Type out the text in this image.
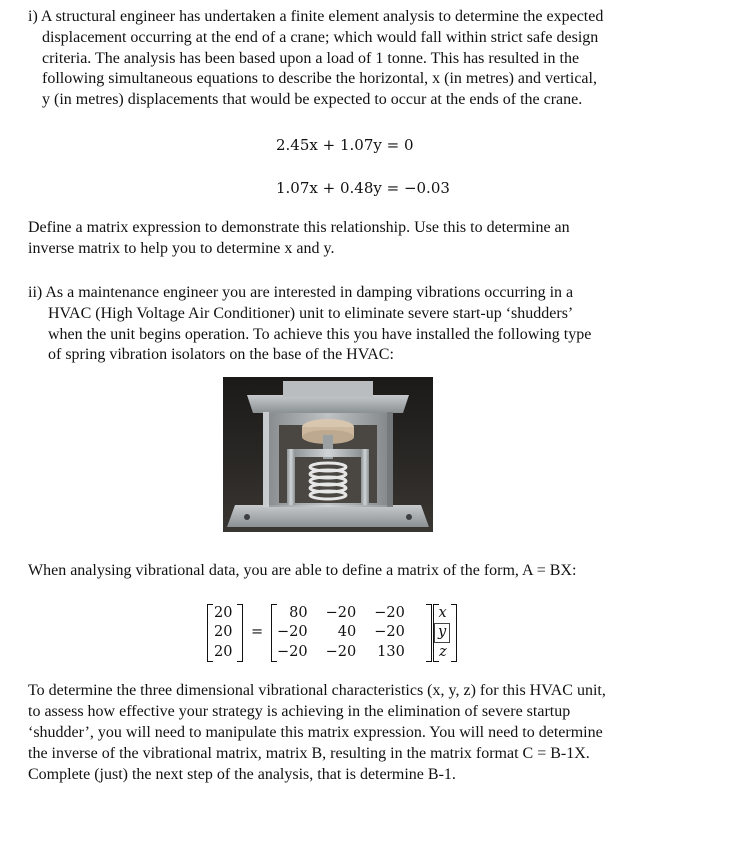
i) A structural engineer has undertaken a finite element analysis to determine the expected

displacement occurring at the end of a crane; which would fall within strict safe design

criteria. The analysis has been based upon a load of 1 tonne. This has resulted in the

following simultaneous equations to describe the horizontal, x (in metres) and vertical,

y (in metres) displacements that would be expected to occur at the ends of the crane.

2.45x + 1.07y = 0
1.07x + 0.48y = −0.03
Define a matrix expression to demonstrate this relationship. Use this to determine an
inverse matrix to help you to determine x and y.

ii) As a maintenance engineer you are interested in damping vibrations occurring in a

HVAC (High Voltage Air Conditioner) unit to eliminate severe start-up ‘shudders’

when the unit begins operation. To achieve this you have installed the following type

of spring vibration isolators on the base of the HVAC:

When analysing vibrational data, you are able to define a matrix of the form, A = BX:
20
20
20
=
80	−20	−20
−20	40	−20
−20	−20	130
x
y
z
To determine the three dimensional vibrational characteristics (x, y, z) for this HVAC unit,
to assess how effective your strategy is achieving in the elimination of severe startup
‘shudder’, you will need to manipulate this matrix expression. You will need to determine
the inverse of the vibrational matrix, matrix B, resulting in the matrix format C = B-1X.
Complete (just) the next step of the analysis, that is determine B-1.
